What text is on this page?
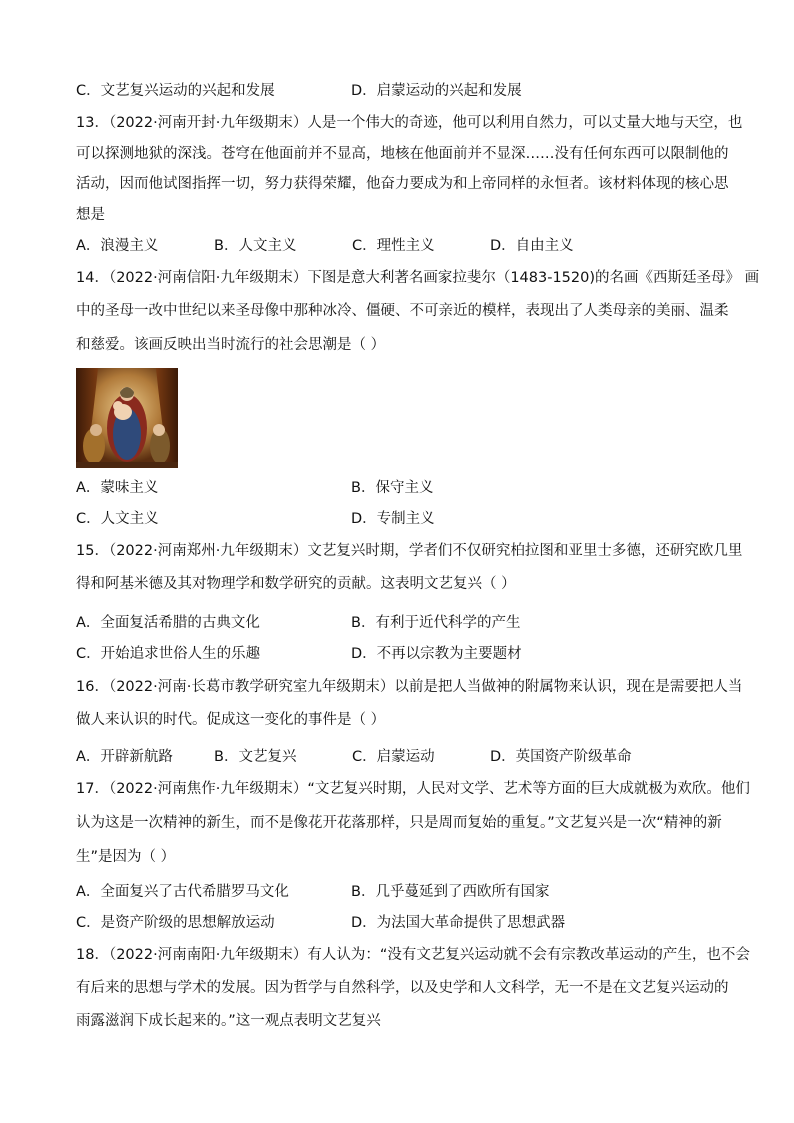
C．文艺复兴运动的兴起和发展	D．启蒙运动的兴起和发展
13．（2022·河南开封·九年级期末）人是一个伟大的奇迹，他可以利用自然力，可以丈量大地与天空，也
可以探测地狱的深浅。苍穹在他面前并不显高，地核在他面前并不显深……没有任何东西可以限制他的
活动，因而他试图指挥一切，努力获得荣耀，他奋力要成为和上帝同样的永恒者。该材料体现的核心思
想是
A．浪漫主义	B．人文主义	C．理性主义	D．自由主义
14．（2022·河南信阳·九年级期末）下图是意大利著名画家拉斐尔（1483-1520)的名画《西斯廷圣母》 画
中的圣母一改中世纪以来圣母像中那种冰冷、僵硬、不可亲近的模样，表现出了人类母亲的美丽、温柔
和慈爱。该画反映出当时流行的社会思潮是（ ）
A．蒙味主义	B．保守主义
C．人文主义	D．专制主义
15．（2022·河南郑州·九年级期末）文艺复兴时期，学者们不仅研究柏拉图和亚里士多德，还研究欧几里
得和阿基米德及其对物理学和数学研究的贡献。这表明文艺复兴（ ）
A．全面复活希腊的古典文化	B．有利于近代科学的产生
C．开始追求世俗人生的乐趣	D．不再以宗教为主要题材
16．（2022·河南·长葛市教学研究室九年级期末）以前是把人当做神的附属物来认识，现在是需要把人当
做人来认识的时代。促成这一变化的事件是（ ）
A．开辟新航路	B．文艺复兴	C．启蒙运动	D．英国资产阶级革命
17．（2022·河南焦作·九年级期末）“文艺复兴时期，人民对文学、艺术等方面的巨大成就极为欢欣。他们
认为这是一次精神的新生，而不是像花开花落那样，只是周而复始的重复。”文艺复兴是一次“精神的新
生”是因为（ ）
A．全面复兴了古代希腊罗马文化	B．几乎蔓延到了西欧所有国家
C．是资产阶级的思想解放运动	D．为法国大革命提供了思想武器
18．（2022·河南南阳·九年级期末）有人认为：“没有文艺复兴运动就不会有宗教改革运动的产生，也不会
有后来的思想与学术的发展。因为哲学与自然科学，以及史学和人文科学，无一不是在文艺复兴运动的
雨露滋润下成长起来的。”这一观点表明文艺复兴
